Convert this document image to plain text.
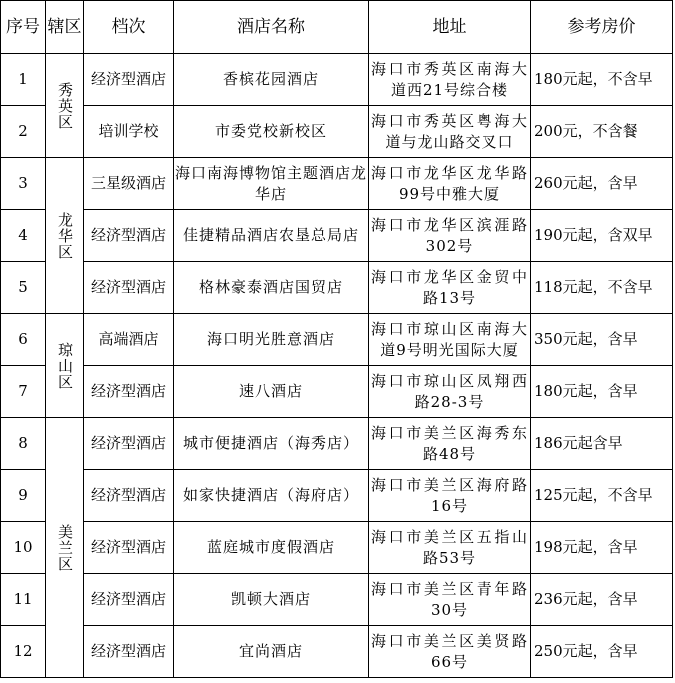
序号	辖区	档次	酒店名称	地址	参考房价
1	秀英区	经济型酒店	香槟花园酒店	海口市秀英区南海大道西21号综合楼	180元起，不含早
2		培训学校	市委党校新校区	海口市秀英区粤海大道与龙山路交叉口	200元，不含餐
3	龙华区	三星级酒店	海口南海博物馆主题酒店龙华店	海口市龙华区龙华路99号中雅大厦	260元起，含早
4		经济型酒店	佳捷精品酒店农垦总局店	海口市龙华区滨涯路302号	190元起，含双早
5		经济型酒店	格林豪泰酒店国贸店	海口市龙华区金贸中路13号	118元起，不含早
6	琼山区	高端酒店	海口明光胜意酒店	海口市琼山区南海大道9号明光国际大厦	350元起，含早
7		经济型酒店	速八酒店	海口市琼山区凤翔西路28-3号	180元起，含早
8	美兰区	经济型酒店	城市便捷酒店（海秀店）	海口市美兰区海秀东路48号	186元起含早
9		经济型酒店	如家快捷酒店（海府店）	海口市美兰区海府路16号	125元起，不含早
10		经济型酒店	蓝庭城市度假酒店	海口市美兰区五指山路53号	198元起，含早
11		经济型酒店	凯顿大酒店	海口市美兰区青年路30号	236元起，含早
12		经济型酒店	宜尚酒店	海口市美兰区美贤路66号	250元起，含早
